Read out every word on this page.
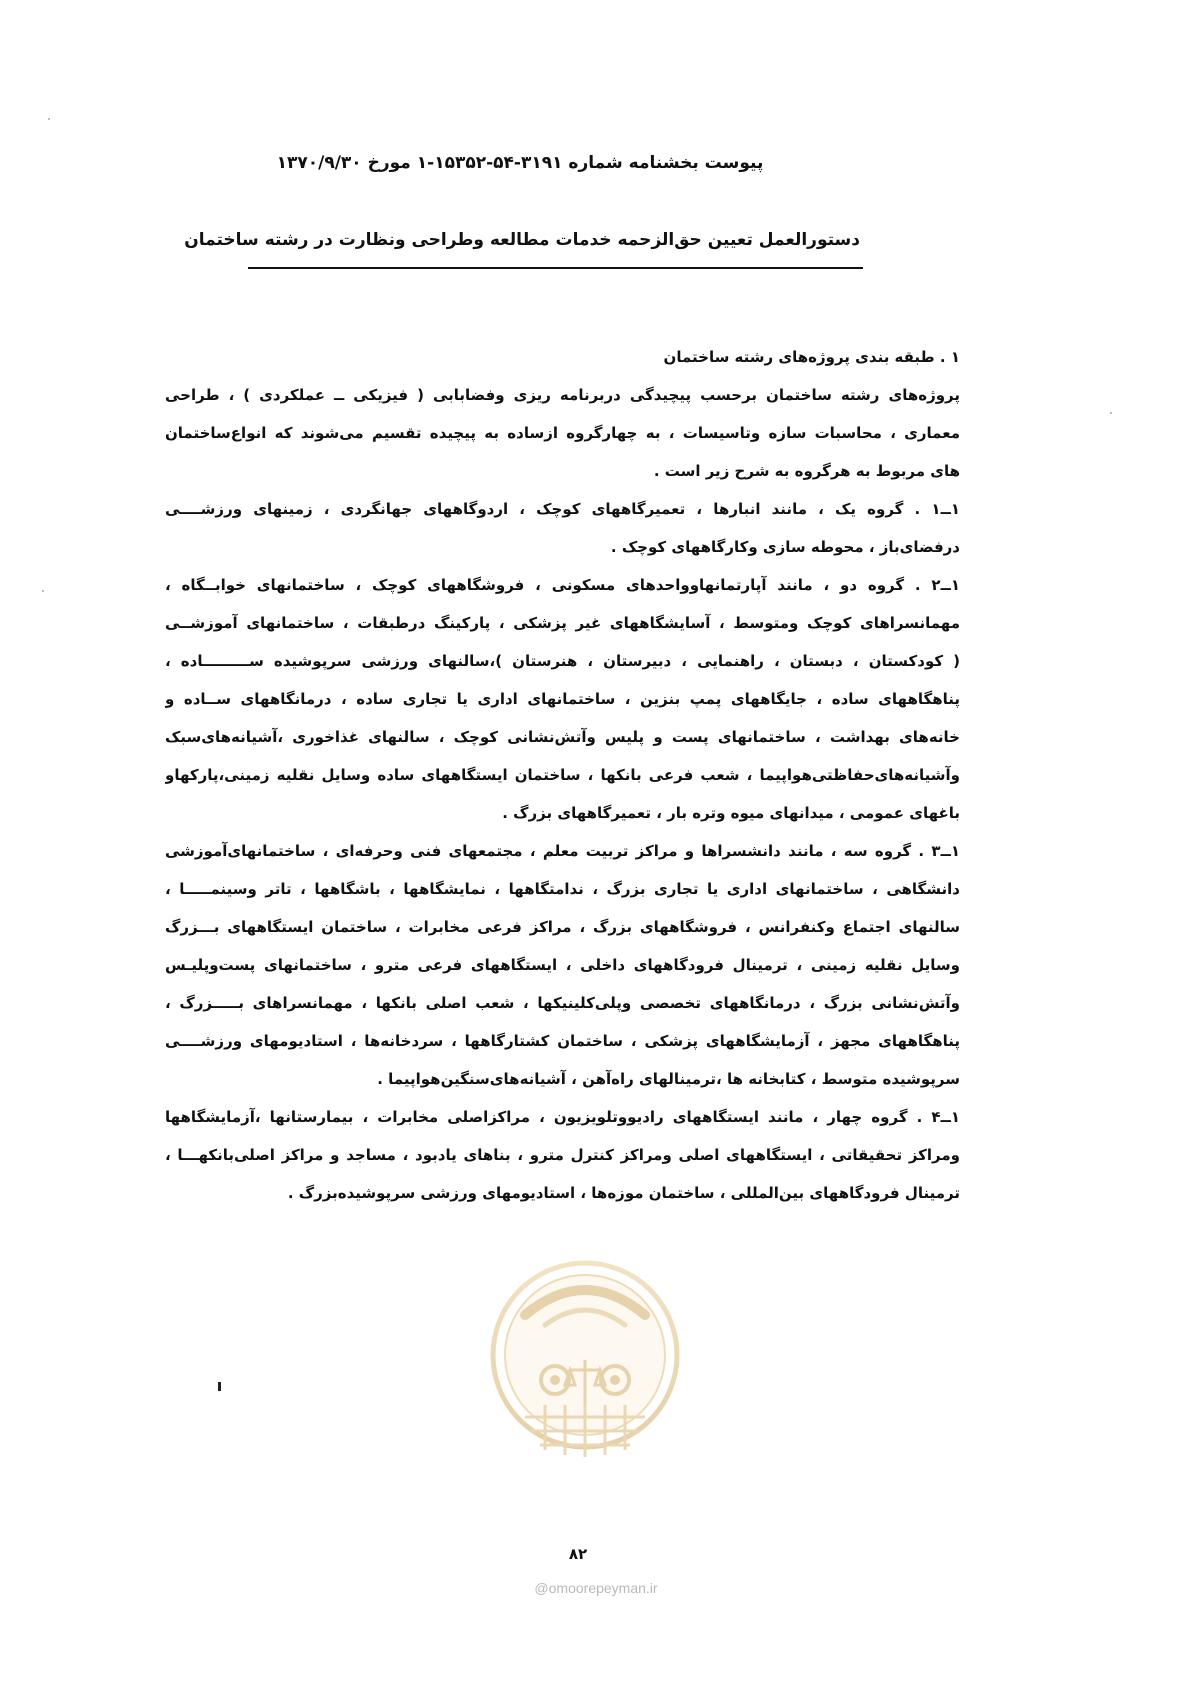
پیوست بخشنامه شماره ۳۱۹۱-۵۴-۱۵۳۵۲-۱ مورخ ۱۳۷۰/۹/۳۰
دستورالعمل تعیین حق‌الزحمه خدمات مطالعه وطراحی ونظارت در رشته ساختمان
۱ . طبقه بندی پروژه‌های رشته ساختمان
پروژه‌های رشته ساختمان برحسب پیچیدگی دربرنامه ریزی وفضابابی ( فیزیکی ــ عملکردی ) ، طراحی
معماری ، محاسبات سازه وتاسیسات ، به چهارگروه ازساده به پیچیده تقسیم می‌شوند که انواع‌ساختمان
های مربوط به هرگروه به شرح زیر است .
۱ــ۱ . گروه یک ، مانند انبارها ، تعمیرگاههای کوچک ، اردوگاههای جهانگردی ، زمینهای ورزشــــی
درفضای‌باز ، محوطه سازی وکارگاههای کوچک .
۱ــ۲ . گروه دو ، مانند آپارتمانهاوواحدهای مسکونی ، فروشگاههای کوچک ، ساختمانهای خوابــگاه ،
مهمانسراهای کوچک ومتوسط ، آسایشگاههای غیر پزشکی ، پارکینگ درطبقات ، ساختمانهای آموزشــی
( کودکستان ، دبستان ، راهنمایی ، دبیرستان ، هنرستان )،سالنهای ورزشی سرپوشیده ســـــــــاده ،
پناهگاههای ساده ، جایگاههای پمپ بنزین ، ساختمانهای اداری یا تجاری ساده ، درمانگاههای ســاده و
خانه‌های بهداشت ، ساختمانهای پست و پلیس وآتش‌نشانی کوچک ، سالنهای غذاخوری ،آشیانه‌های‌سبک
وآشیانه‌های‌حفاظتی‌هواپیما ، شعب فرعی بانکها ، ساختمان ایستگاههای ساده وسایل نقلیه زمینی،پارکهاو
باغهای عمومی ، میدانهای میوه وتره بار ، تعمیرگاههای بزرگ .
۱ــ۳ . گروه سه ، مانند دانشسراها و مراکز تربیت معلم ، مجتمعهای فنی وحرفه‌ای ، ساختمانهای‌آموزشی
دانشگاهی ، ساختمانهای اداری یا تجاری بزرگ ، ندامتگاهها ، نمایشگاهها ، باشگاهها ، تاتر وسینمـــــا ،
سالنهای اجتماع وکنفرانس ، فروشگاههای بزرگ ، مراکز فرعی مخابرات ، ساختمان ایستگاههای بـــزرگ
وسایل نقلیه زمینی ، ترمینال فرودگاههای داخلی ، ایستگاههای فرعی مترو ، ساختمانهای پست‌وپلیـس
وآتش‌نشانی بزرگ ، درمانگاههای تخصصی وپلی‌کلینیکها ، شعب اصلی بانکها ، مهمانسراهای بـــــزرگ ،
پناهگاههای مجهز ، آزمایشگاههای پزشکی ، ساختمان کشتارگاهها ، سردخانه‌ها ، استادیومهای ورزشــــی
سرپوشیده متوسط ، کتابخانه ها ،ترمینالهای راه‌آهن ، آشیانه‌های‌سنگین‌هواپیما .
۱ــ۴ . گروه چهار ، مانند ایستگاههای رادیووتلویزیون ، مراکزاصلی مخابرات ، بیمارستانها ،آزمایشگاهها
ومراکز تحقیقاتی ، ایستگاههای اصلی ومراکز کنترل مترو ، بناهای یادبود ، مساجد و مراکز اصلی‌بانکهـــا ،
ترمینال فرودگاههای بین‌المللی ، ساختمان موزه‌ها ، استادیومهای ورزشی سرپوشیده‌بزرگ .
۸۲
@omoorepeyman.ir
